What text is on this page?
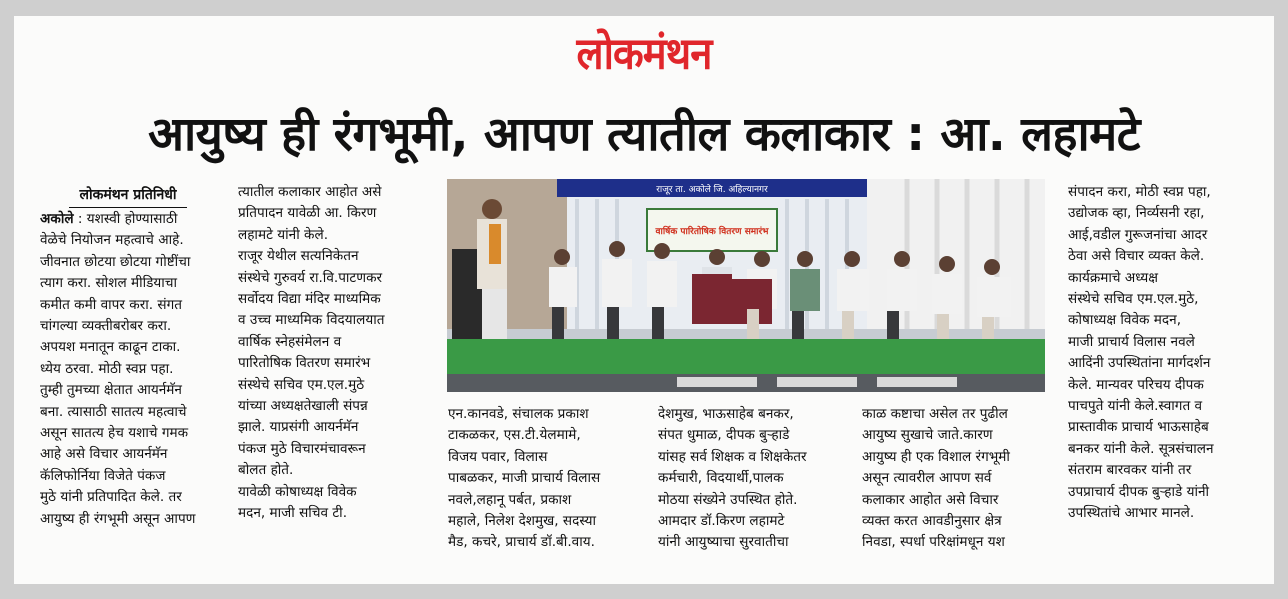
लोकमंथन
आयुष्य ही रंगभूमी, आपण त्यातील कलाकार : आ. लहामटे
लोकमंथन प्रतिनिधी
अकोले : यशस्वी होण्यासाठी
वेळेचे नियोजन महत्वाचे आहे.
जीवनात छोटया छोटया गोष्टींचा
त्याग करा. सोशल मीडियाचा
कमीत कमी वापर करा. संगत
चांगल्या व्यक्तीबरोबर करा.
अपयश मनातून काढून टाका.
ध्येय ठरवा. मोठी स्वप्न पहा.
तुम्ही तुमच्या क्षेतात आयर्नमॅन
बना. त्यासाठी सातत्य महत्वाचे
असून सातत्य हेच यशाचे गमक
आहे असे विचार आयर्नमॅन
कॅलिफोर्निया विजेते पंकज
मुठे यांनी प्रतिपादित केले. तर
आयुष्य ही रंगभूमी असून आपण
त्यातील कलाकार आहोत असे
प्रतिपादन यावेळी आ. किरण
लहामटे यांनी केले.
राजूर येथील सत्यनिकेतन
संस्थेचे गुरुवर्य रा.वि.पाटणकर
सर्वोदय विद्या मंदिर माध्यमिक
व उच्च माध्यमिक विदयालयात
वार्षिक स्नेहसंमेलन व
पारितोषिक वितरण समारंभ
संस्थेचे सचिव एम.एल.मुठे
यांच्या अध्यक्षतेखाली संपन्न
झाले. याप्रसंगी आयर्नमॅन
पंकज मुठे विचारमंचावरून
बोलत होते.
यावेळी कोषाध्यक्ष विवेक
मदन, माजी सचिव टी.
राजूर ता. अकोले जि. अहिल्यानगर
वार्षिक पारितोषिक वितरण समारंभ
एन.कानवडे, संचालक प्रकाश
टाकळकर, एस.टी.येलमामे,
विजय पवार, विलास
पाबळकर, माजी प्राचार्य विलास
नवले,लहानू पर्बत, प्रकाश
महाले, निलेश देशमुख, सदस्या
मैड, कचरे, प्राचार्य डॉ.बी.वाय.
देशमुख, भाऊसाहेब बनकर,
संपत धुमाळ, दीपक बुऱ्हाडे
यांसह सर्व शिक्षक व शिक्षकेतर
कर्मचारी, विदयार्थी,पालक
मोठया संख्येने उपस्थित होते.
आमदार डॉ.किरण लहामटे
यांनी आयुष्याचा सुरवातीचा
काळ कष्टाचा असेल तर पुढील
आयुष्य सुखाचे जाते.कारण
आयुष्य ही एक विशाल रंगभूमी
असून त्यावरील आपण सर्व
कलाकार आहोत असे विचार
व्यक्त करत आवडीनुसार क्षेत्र
निवडा, स्पर्धा परिक्षांमधून यश
संपादन करा, मोठी स्वप्न पहा,
उद्योजक व्हा, निर्व्यसनी रहा,
आई,वडील गुरूजनांचा आदर
ठेवा असे विचार व्यक्त केले.
कार्यक्रमाचे अध्यक्ष
संस्थेचे सचिव एम.एल.मुठे,
कोषाध्यक्ष विवेक मदन,
माजी प्राचार्य विलास नवले
आदिंनी उपस्थितांना मार्गदर्शन
केले. मान्यवर परिचय दीपक
पाचपुते यांनी केले.स्वागत व
प्रास्तावीक प्राचार्य भाऊसाहेब
बनकर यांनी केले. सूत्रसंचालन
संतराम बारवकर यांनी तर
उपप्राचार्य दीपक बुऱ्हाडे यांनी
उपस्थितांचे आभार मानले.
